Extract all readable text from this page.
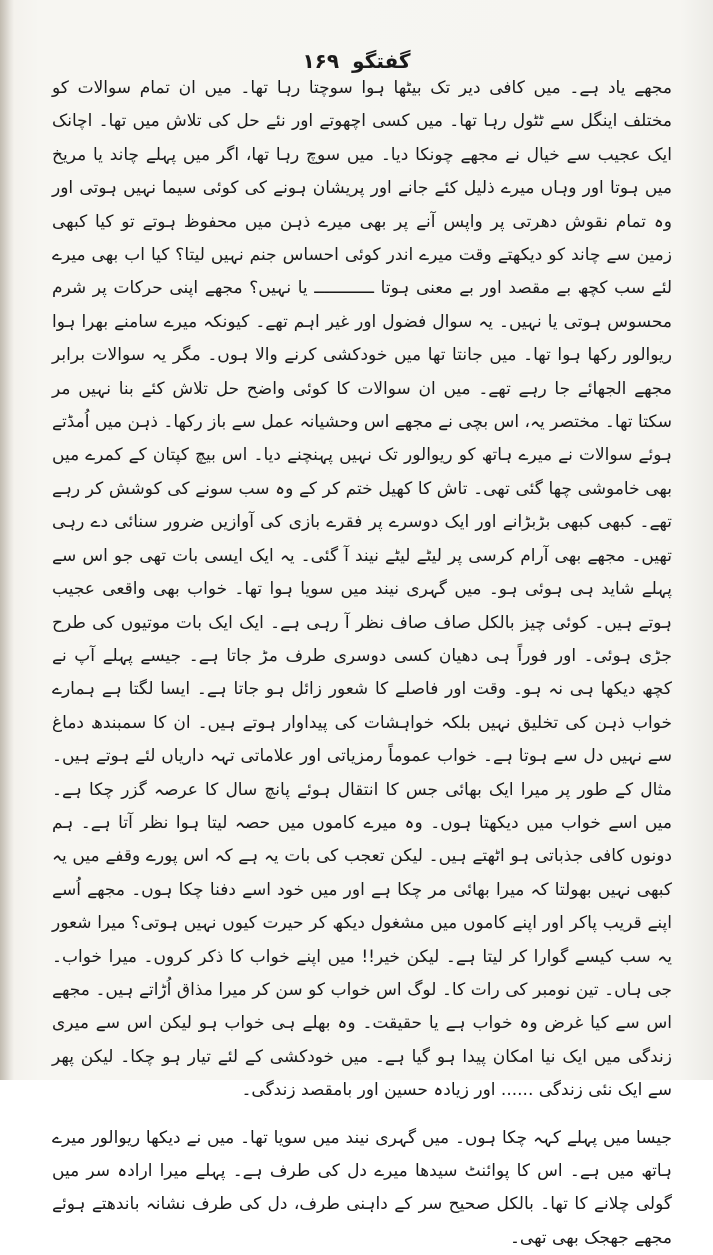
گفتگو ۱۶۹

مجھے یاد ہے۔ میں کافی دیر تک بیٹھا ہوا سوچتا رہا تھا۔ میں ان تمام سوالات کو مختلف اینگل سے ٹٹول رہا تھا۔ میں کسی اچھوتے اور نئے حل کی تلاش میں تھا۔ اچانک ایک عجیب سے خیال نے مجھے چونکا دیا۔ میں سوچ رہا تھا، اگر میں پہلے چاند یا مریخ میں ہوتا اور وہاں میرے ذلیل کئے جانے اور پریشان ہونے کی کوئی سیما نہیں ہوتی اور وہ تمام نقوش دھرتی پر واپس آنے پر بھی میرے ذہن میں محفوظ ہوتے تو کیا کبھی زمین سے چاند کو دیکھتے وقت میرے اندر کوئی احساس جنم نہیں لیتا؟ کیا اب بھی میرے لئے سب کچھ بے مقصد اور بے معنی ہوتا ــــــــــــ یا نہیں؟ مجھے اپنی حرکات پر شرم محسوس ہوتی یا نہیں۔ یہ سوال فضول اور غیر اہم تھے۔ کیونکہ میرے سامنے بھرا ہوا ریوالور رکھا ہوا تھا۔ میں جانتا تھا میں خودکشی کرنے والا ہوں۔ مگر یہ سوالات برابر مجھے الجھائے جا رہے تھے۔ میں ان سوالات کا کوئی واضح حل تلاش کئے بنا نہیں مر سکتا تھا۔ مختصر یہ، اس بچی نے مجھے اس وحشیانہ عمل سے باز رکھا۔ ذہن میں اُمڈتے ہوئے سوالات نے میرے ہاتھ کو ریوالور تک نہیں پہنچنے دیا۔ اس بیچ کپتان کے کمرے میں بھی خاموشی چھا گئی تھی۔ تاش کا کھیل ختم کر کے وہ سب سونے کی کوشش کر رہے تھے۔ کبھی کبھی بڑبڑانے اور ایک دوسرے پر فقرے بازی کی آوازیں ضرور سنائی دے رہی تھیں۔ مجھے بھی آرام کرسی پر لیٹے لیٹے نیند آ گئی۔ یہ ایک ایسی بات تھی جو اس سے پہلے شاید ہی ہوئی ہو۔ میں گہری نیند میں سویا ہوا تھا۔ خواب بھی واقعی عجیب ہوتے ہیں۔ کوئی چیز بالکل صاف صاف نظر آ رہی ہے۔ ایک ایک بات موتیوں کی طرح جڑی ہوئی۔ اور فوراً ہی دھیان کسی دوسری طرف مڑ جاتا ہے۔ جیسے پہلے آپ نے کچھ دیکھا ہی نہ ہو۔ وقت اور فاصلے کا شعور زائل ہو جاتا ہے۔ ایسا لگتا ہے ہمارے خواب ذہن کی تخلیق نہیں بلکہ خواہشات کی پیداوار ہوتے ہیں۔ ان کا سمبندھ دماغ سے نہیں دل سے ہوتا ہے۔ خواب عموماً رمزیاتی اور علاماتی تہہ داریاں لئے ہوتے ہیں۔ مثال کے طور پر میرا ایک بھائی جس کا انتقال ہوئے پانچ سال کا عرصہ گزر چکا ہے۔ میں اسے خواب میں دیکھتا ہوں۔ وہ میرے کاموں میں حصہ لیتا ہوا نظر آتا ہے۔ ہم دونوں کافی جذباتی ہو اٹھتے ہیں۔ لیکن تعجب کی بات یہ ہے کہ اس پورے وقفے میں یہ کبھی نہیں بھولتا کہ میرا بھائی مر چکا ہے اور میں خود اسے دفنا چکا ہوں۔ مجھے اُسے اپنے قریب پاکر اور اپنے کاموں میں مشغول دیکھ کر حیرت کیوں نہیں ہوتی؟ میرا شعور یہ سب کیسے گوارا کر لیتا ہے۔ لیکن خیر!! میں اپنے خواب کا ذکر کروں۔ میرا خواب۔ جی ہاں۔ تین نومبر کی رات کا۔ لوگ اس خواب کو سن کر میرا مذاق اُڑاتے ہیں۔ مجھے اس سے کیا غرض وہ خواب ہے یا حقیقت۔ وہ بھلے ہی خواب ہو لیکن اس سے میری زندگی میں ایک نیا امکان پیدا ہو گیا ہے۔ میں خودکشی کے لئے تیار ہو چکا۔ لیکن پھر سے ایک نئی زندگی ...... اور زیادہ حسین اور بامقصد زندگی۔

جیسا میں پہلے کہہ چکا ہوں۔ میں گہری نیند میں سویا تھا۔ میں نے دیکھا ریوالور میرے ہاتھ میں ہے۔ اس کا پوائنٹ سیدھا میرے دل کی طرف ہے۔ پہلے میرا ارادہ سر میں گولی چلانے کا تھا۔ بالکل صحیح سر کے داہنی طرف، دل کی طرف نشانہ باندھتے ہوئے مجھے جھجک بھی تھی۔
